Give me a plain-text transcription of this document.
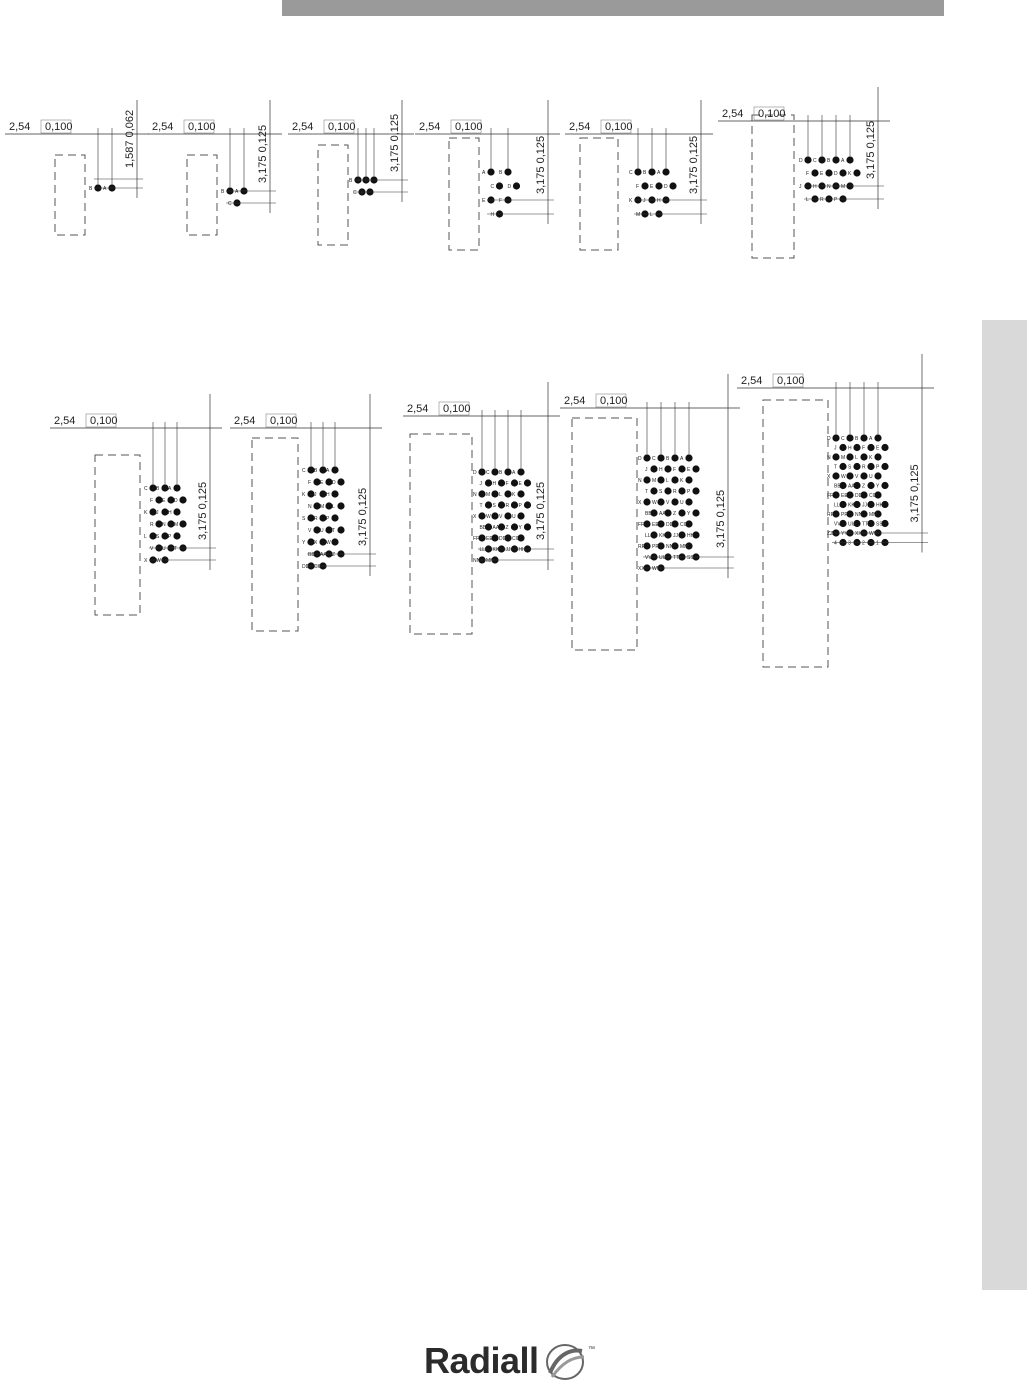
2,54 0,100
B A
1,587 0,062 2,54 0,100
B A
C
3,175 0,125 2,54 0,100
B A D
C E
3,175 0,125 2,54 0,100
A	B
C	D
E	F
H
3,175 0,125
2,54 0,100
C B A
F E D
K J H
M L
3,175 0,125
2,54 0,100
D C B A
F E D K
J H N M
L R P
3,175 0,125
2,54 0,100
C B A
F E D
K J H
R N M
L S P
V U T
X W
3,175 0,125
2,54 0,100
C B A
F E D
K J H
N M L
S R P
V U T
Y X W
BB AA Z
DD CC
3,175 0,125
2,54 0,100
D C B A
J H F E
N M L K
T S R P
X W V U
BB AA Z Y
FF EE DD CC
LL KK JJ HH
NN MM
3,175 0,125
2,54 0,100
D C B A
J H F E
N M L K
T S R P
X W V U
BB AA Z Y
FF EE DD CC
LL KK JJ HH
RR PP NN MM
VV UU TT SS
XX WW
3,175 0,125
2,54 0,100
D C B A
J H F E
N M L K
T S R P
X W V U
BB AA Z Y
FF EE DD CC
LL KK JJ HH
RR PP NN MM
VV UU TT SS
ZZ YY XX WW
4 3 2 1
3,175 0,125
Radiall	™
